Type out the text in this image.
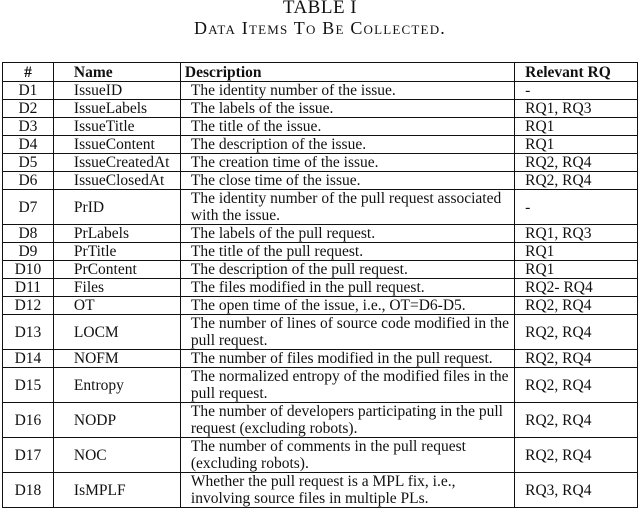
TABLE I
Data Items To Be Collected.
#	Name	Description	Relevant RQ
D1	IssueID	The identity number of the issue.	-
D2	IssueLabels	The labels of the issue.	RQ1, RQ3
D3	IssueTitle	The title of the issue.	RQ1
D4	IssueContent	The description of the issue.	RQ1
D5	IssueCreatedAt	The creation time of the issue.	RQ2, RQ4
D6	IssueClosedAt	The close time of the issue.	RQ2, RQ4
D7	PrID	The identity number of the pull request associated with the issue.	-
D8	PrLabels	The labels of the pull request.	RQ1, RQ3
D9	PrTitle	The title of the pull request.	RQ1
D10	PrContent	The description of the pull request.	RQ1
D11	Files	The files modified in the pull request.	RQ2- RQ4
D12	OT	The open time of the issue, i.e., OT=D6-D5.	RQ2, RQ4
D13	LOCM	The number of lines of source code modified in the pull request.	RQ2, RQ4
D14	NOFM	The number of files modified in the pull request.	RQ2, RQ4
D15	Entropy	The normalized entropy of the modified files in the pull request.	RQ2, RQ4
D16	NODP	The number of developers participating in the pull request (excluding robots).	RQ2, RQ4
D17	NOC	The number of comments in the pull request (excluding robots).	RQ2, RQ4
D18	IsMPLF	Whether the pull request is a MPL fix, i.e., involving source files in multiple PLs.	RQ3, RQ4
